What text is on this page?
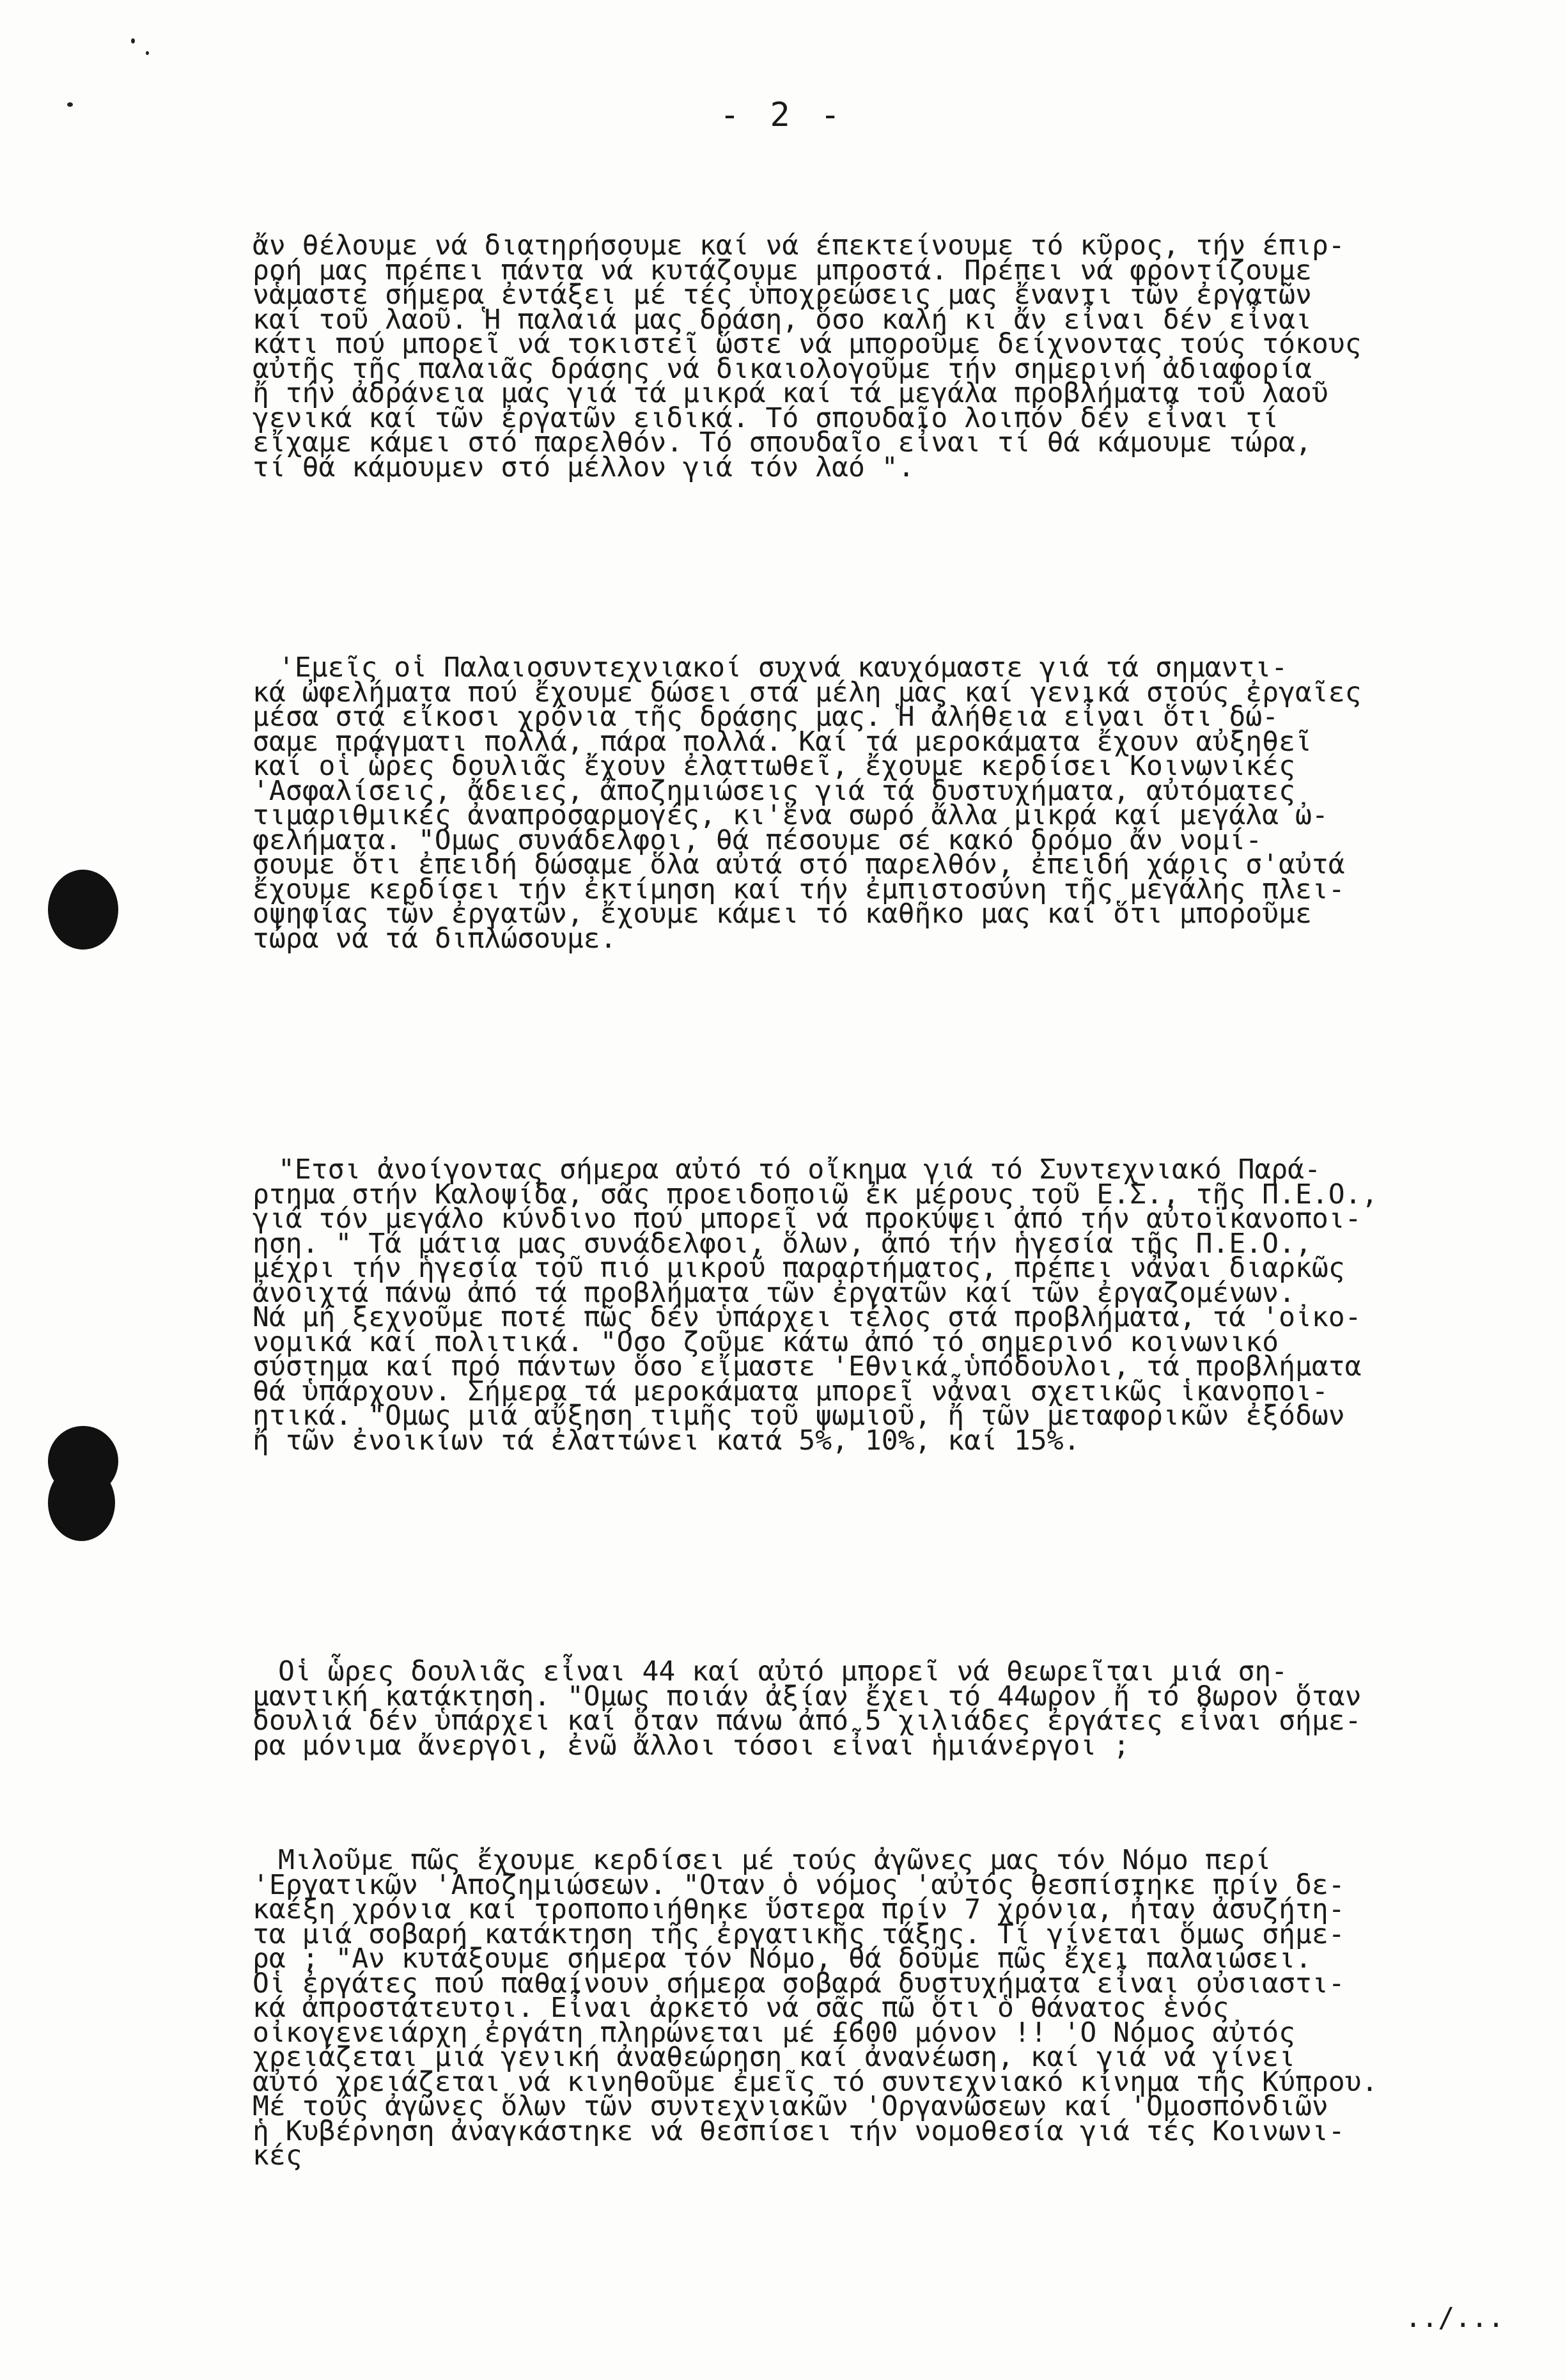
- 2 -
ἄν θέλουμε νά διατηρήσουμε καί νά έπεκτείνουμε τό κῦρος, τήν έπιρ-
ροή μας πρέπει πάντα νά κυτάζουμε μπροστά. Πρέπει νά φροντίζουμε
νἇμαστε σήμερα ἐντάξει μέ τές ὑποχρεώσεις μας ἔναντι τῶν ἐργατῶν
καί τοῦ λαοῦ. Ἡ παλαιά μας δράση, ὅσο καλή κι ἄν εἶναι δέν εἶναι
κάτι πού μπορεῖ νά τοκιστεῖ ὥστε νά μποροῦμε δείχνοντας τούς τόκους
αὐτῆς τῆς παλαιᾶς δράσης νά δικαιολογοῦμε τήν σημερινή ἀδιαφορία
ἤ τήν ἀδράνεια μας γιά τά μικρά καί τά μεγάλα προβλήματα τοῦ λαοῦ
γενικά καί τῶν ἐργατῶν ειδικά. Τό σπουδαῖο λοιπόν δέν εἶναι τί
εἴχαμε κάμει στό παρελθόν. Τό σπουδαῖο εἶναι τί θά κάμουμε τώρα,
τί θά κάμουμεν στό μέλλον γιά τόν λαό ".
'Εμεῖς οἱ Παλαιοσυντεχνιακοί συχνά καυχόμαστε γιά τά σημαντι-
κά ὠφελήματα πού ἔχουμε δώσει στά μέλη μας καί γενικά στούς ἐργαῖες
μέσα στά εἴκοσι χρόνια τῆς δράσης μας. Ἡ ἀλήθεια εἶναι ὅτι δώ-
σαμε πράγματι πολλά, πάρα πολλά. Καί τά μεροκάματα ἔχουν αὐξηθεῖ
καί οἱ ὧρες δουλιᾶς ἔχουν ἐλαττωθεῖ, ἔχουμε κερδίσει Κοινωνικές
'Ασφαλίσεις, ἄδειες, ἀποζημιώσεις γιά τά δυστυχήματα, αὐτόματες
τιμαριθμικές ἀναπροσαρμογές, κι'ἕνα σωρό ἄλλα μικρά καί μεγάλα ὠ-
φελήματα. "Ομως συνάδελφοι, θά πέσουμε σέ κακό δρόμο ἄν νομί-
σουμε ὅτι ἐπειδή δώσαμε ὅλα αὐτά στό παρελθόν, ἐπειδή χάρις σ'αὐτά
ἔχουμε κερδίσει τήν ἐκτίμηση καί τήν ἐμπιστοσύνη τῆς μεγάλης πλει-
οψηφίας τῶν ἐργατῶν, ἔχουμε κάμει τό καθῆκο μας καί ὅτι μποροῦμε
τώρα νά τά διπλώσουμε.
"Ετσι ἀνοίγοντας σήμερα αὐτό τό οἴκημα γιά τό Συντεχνιακό Παρά-
ρτημα στήν Καλοψίδα, σᾶς προειδοποιῶ ἐκ μέρους τοῦ Ε.Σ., τῆς Π.Ε.Ο.,
γιά τόν μεγάλο κύνδινο πού μπορεῖ νά προκύψει ἀπό τήν αὐτοϊκανοποι-
ηση. " Τά μάτια μας συνάδελφοι, ὅλων, ἀπό τήν ἡγεσία τῆς Π.Ε.Ο.,
μέχρι τήν ἡγεσία τοῦ πιό μικροῦ παραρτήματος, πρέπει νἆναι διαρκῶς
ἀνοιχτά πάνω ἀπό τά προβλήματα τῶν ἐργατῶν καί τῶν ἐργαζομένων.
Νά μή ξεχνοῦμε ποτέ πῶς δέν ὑπάρχει τέλος στά προβλήματα, τά 'οἰκο-
νομικά καί πολιτικά. "Οσο ζοῦμε κάτω ἀπό τό σημερινό κοινωνικό
σύστημα καί πρό πάντων ὅσο εἴμαστε 'Εθνικά ὑπόδουλοι, τά προβλήματα
θά ὑπάρχουν. Σήμερα τά μεροκάματα μπορεῖ νἆναι σχετικῶς ἱκανοποι-
ητικά. "Ομως μιά αὔξηση τιμῆς τοῦ ψωμιοῦ, ἤ τῶν μεταφορικῶν ἐξόδων
ἤ τῶν ἐνοικίων τά ἐλαττώνει κατά 5%, 10%, καί 15%.
Οἱ ὧρες δουλιᾶς εἶναι 44 καί αὐτό μπορεῖ νά θεωρεῖται μιά ση-
μαντική κατάκτηση. "Ομως ποιάν ἀξίαν ἔχει τό 44ωρον ἤ τό 8ωρον ὅταν
δουλιά δέν ὑπάρχει καί ὅταν πάνω ἀπό 5 χιλιάδες ἐργάτες εἶναι σήμε-
ρα μόνιμα ἄνεργοι, ἐνῶ ἄλλοι τόσοι εἶναι ἡμιάνεργοι ;
Μιλοῦμε πῶς ἔχουμε κερδίσει μέ τούς ἀγῶνες μας τόν Νόμο περί
'Εργατικῶν 'Αποζημιώσεων. "Οταν ὁ νόμος 'αὐτός θεσπίστηκε πρίν δε-
καέξη χρόνια καί τροποποιήθηκε ὕστερα πρίν 7 χρόνια, ἦταν ἀσυζήτη-
τα μιά σοβαρή κατάκτηση τῆς ἐργατικῆς τάξης. Τί γίνεται ὅμως σήμε-
ρα ; "Αν κυτάξουμε σήμερα τόν Νόμο, θά δοῦμε πῶς ἔχει παλαιώσει.
Οἱ ἐργάτες πού παθαίνουν σήμερα σοβαρά δυστυχήματα εἶναι οὐσιαστι-
κά ἀπροστάτευτοι. Εἶναι ἀρκετό νά σᾶς πῶ ὅτι ὁ θάνατος ἑνός
οἰκογενειάρχη ἐργάτη πληρώνεται μέ £600 μόνον !! 'Ο Νόμος αὐτός
χρειάζεται μιά γενική ἀναθεώρηση καί ἀνανέωση, καί γιά νά γίνει
αὐτό χρειάζεται νά κινηθοῦμε ἐμεῖς τό συντεχνιακό κίνημα τῆς Κύπρου.
Μέ τούς ἀγῶνες ὅλων τῶν συντεχνιακῶν 'Οργανώσεων καί 'Ομοσπονδιῶν
ἡ Κυβέρνηση ἀναγκάστηκε νά θεσπίσει τήν νομοθεσία γιά τές Κοινωνι-
κές
../...
